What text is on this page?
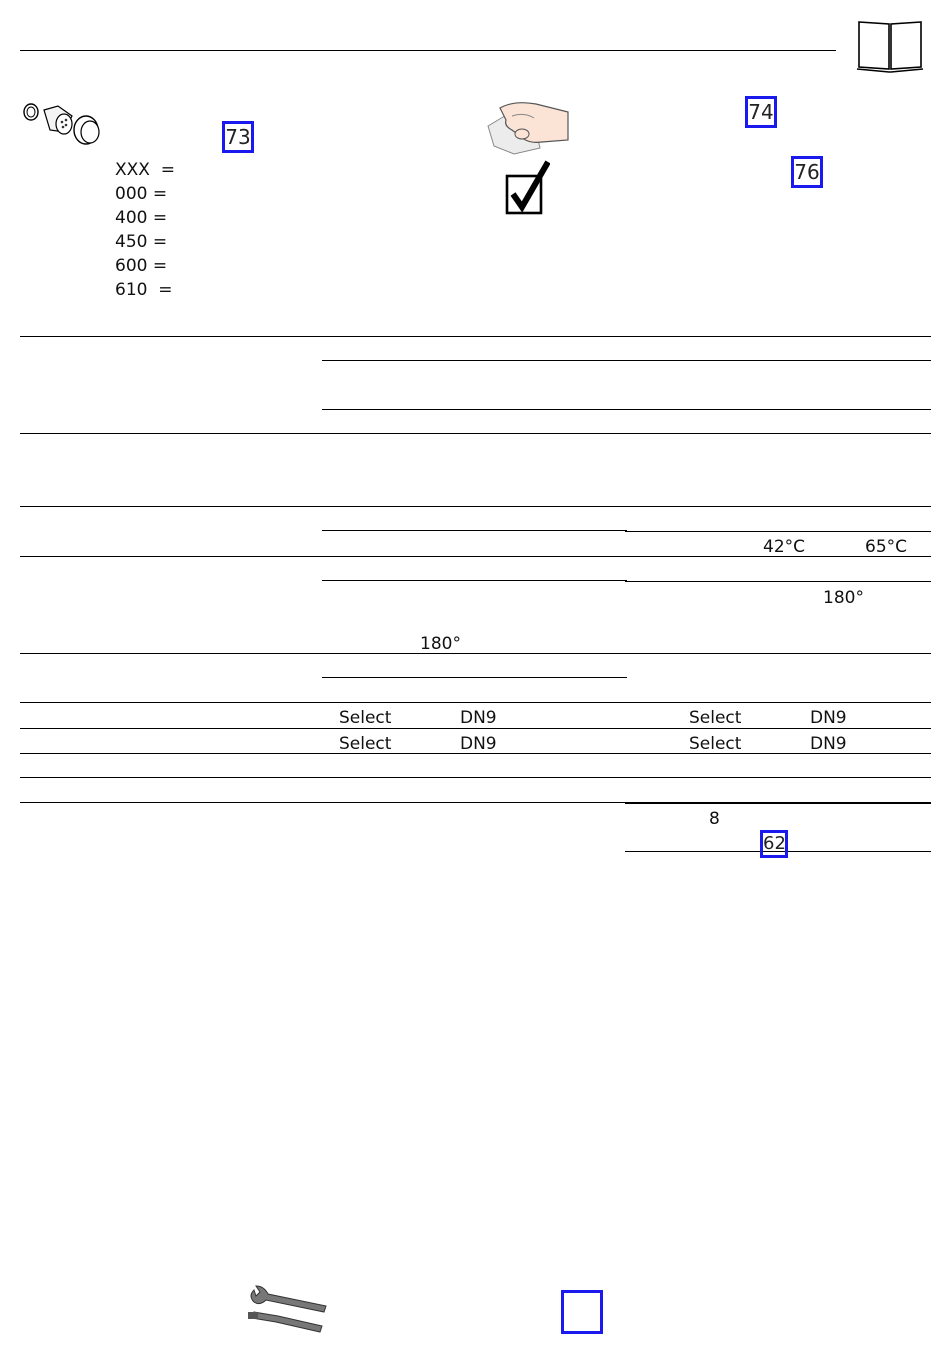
73
XXX =
000 =
400 =
450 =
600 =
610 =
74
76
42°C	65°C
180°
180°
Select	DN9	Select	DN9
Select	DN9	Select	DN9
8
62
